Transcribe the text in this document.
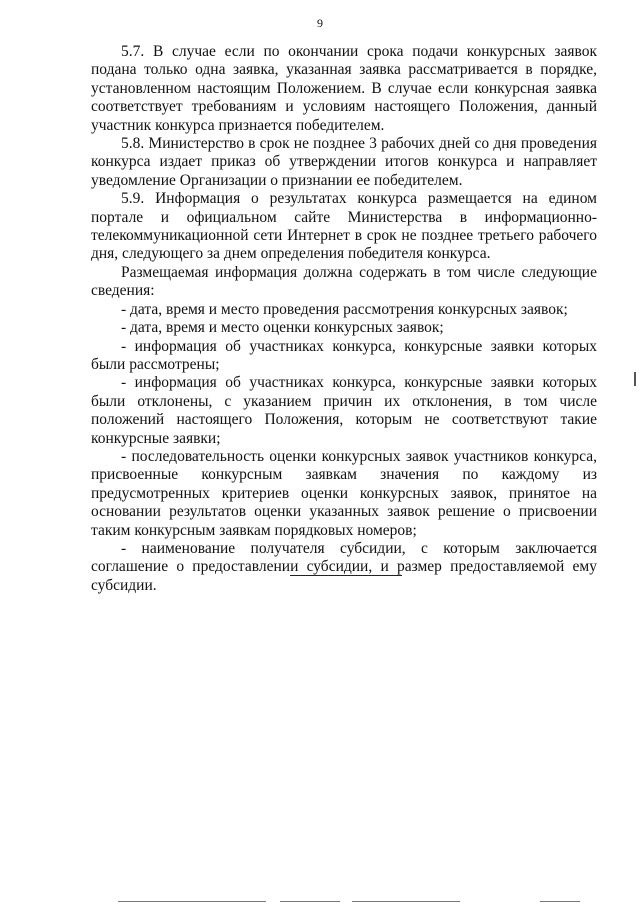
9

5.7. В случае если по окончании срока подачи конкурсных заявок подана только одна заявка, указанная заявка рассматривается в порядке, установленном настоящим Положением. В случае если конкурсная заявка соответствует требованиям и условиям настоящего Положения, данный участник конкурса признается победителем.

5.8. Министерство в срок не позднее 3 рабочих дней со дня проведения конкурса издает приказ об утверждении итогов конкурса и направляет уведомление Организации о признании ее победителем.

5.9. Информация о результатах конкурса размещается на едином портале и официальном сайте Министерства в информационно-телекоммуникационной сети Интернет в срок не позднее третьего рабочего дня, следующего за днем определения победителя конкурса.

Размещаемая информация должна содержать в том числе следующие сведения:

- дата, время и место проведения рассмотрения конкурсных заявок;

- дата, время и место оценки конкурсных заявок;

- информация об участниках конкурса, конкурсные заявки которых были рассмотрены;

- информация об участниках конкурса, конкурсные заявки которых были отклонены, с указанием причин их отклонения, в том числе положений настоящего Положения, которым не соответствуют такие конкурсные заявки;

- последовательность оценки конкурсных заявок участников конкурса, присвоенные конкурсным заявкам значения по каждому из предусмотренных критериев оценки конкурсных заявок, принятое на основании результатов оценки указанных заявок решение о присвоении таким конкурсным заявкам порядковых номеров;

- наименование получателя субсидии, с которым заключается соглашение о предоставлении субсидии, и размер предоставляемой ему субсидии.
